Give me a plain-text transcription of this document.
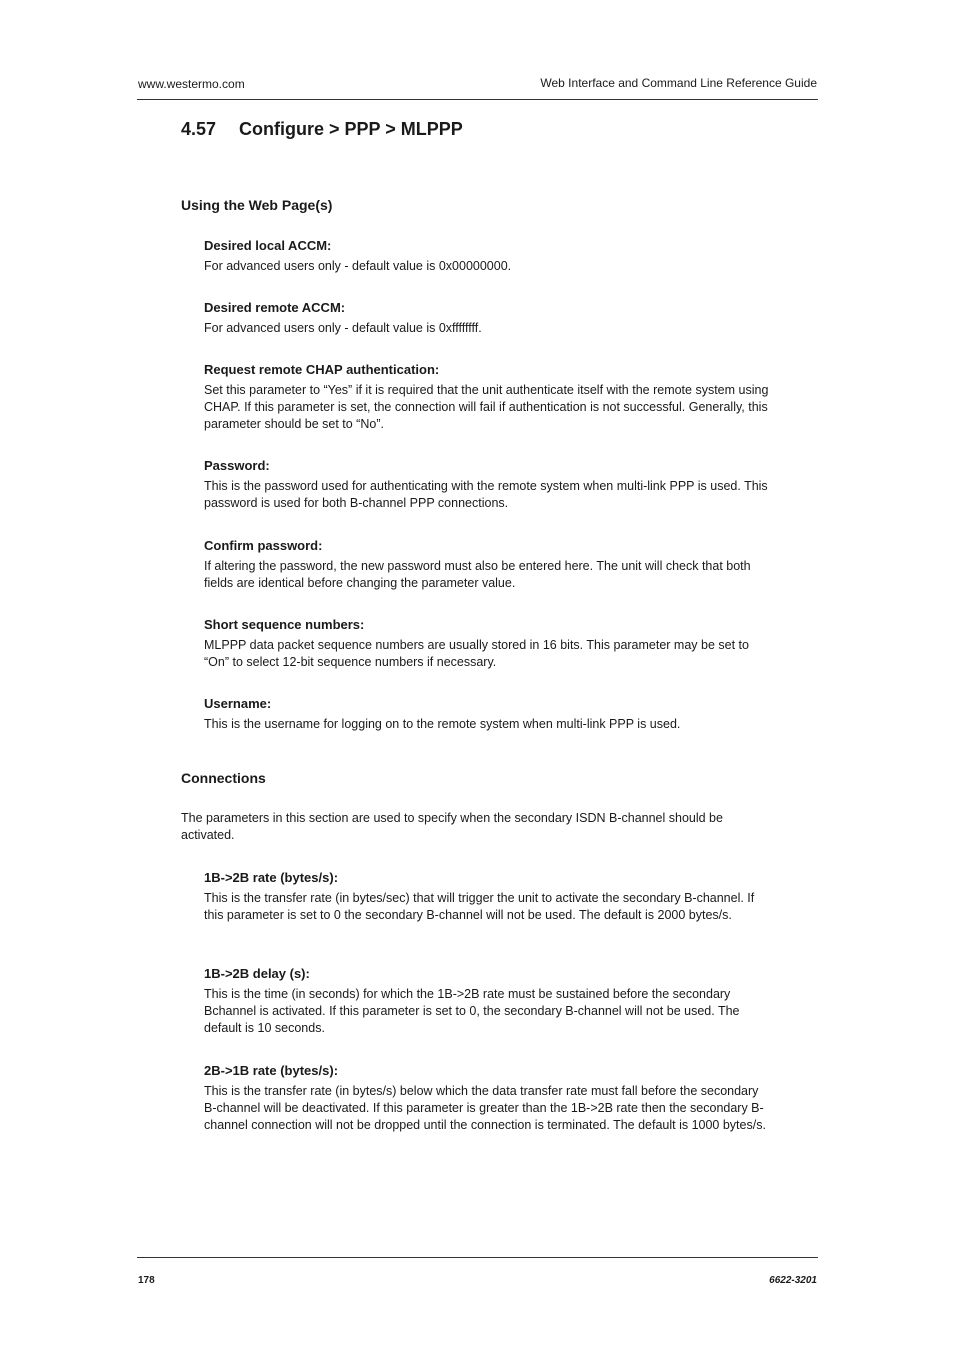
www.westermo.com	Web Interface and Command Line Reference Guide
4.57 Configure > PPP > MLPPP
Using the Web Page(s)

Desired local ACCM:

For advanced users only - default value is 0x00000000.

Desired remote ACCM:

For advanced users only - default value is 0xffffffff.

Request remote CHAP authentication:

Set this parameter to “Yes” if it is required that the unit authenticate itself with the remote system using CHAP. If this parameter is set, the connection will fail if authentication is not successful. Generally, this parameter should be set to “No”.

Password:

This is the password used for authenticating with the remote system when multi-link PPP is used. This password is used for both B-channel PPP connections.

Confirm password:

If altering the password, the new password must also be entered here. The unit will check that both fields are identical before changing the parameter value.

Short sequence numbers:

MLPPP data packet sequence numbers are usually stored in 16 bits. This parameter may be set to “On” to select 12-bit sequence numbers if necessary.

Username:

This is the username for logging on to the remote system when multi-link PPP is used.

Connections

The parameters in this section are used to specify when the secondary ISDN B-channel should be activated.

1B->2B rate (bytes/s):

This is the transfer rate (in bytes/sec) that will trigger the unit to activate the secondary B-channel. If this parameter is set to 0 the secondary B-channel will not be used. The default is 2000 bytes/s.

1B->2B delay (s):

This is the time (in seconds) for which the 1B->2B rate must be sustained before the secondary Bchannel is activated. If this parameter is set to 0, the secondary B-channel will not be used. The default is 10 seconds.

2B->1B rate (bytes/s):

This is the transfer rate (in bytes/s) below which the data transfer rate must fall before the secondary B-channel will be deactivated. If this parameter is greater than the 1B->2B rate then the secondary B-channel connection will not be dropped until the connection is terminated. The default is 1000 bytes/s.

178	6622-3201
